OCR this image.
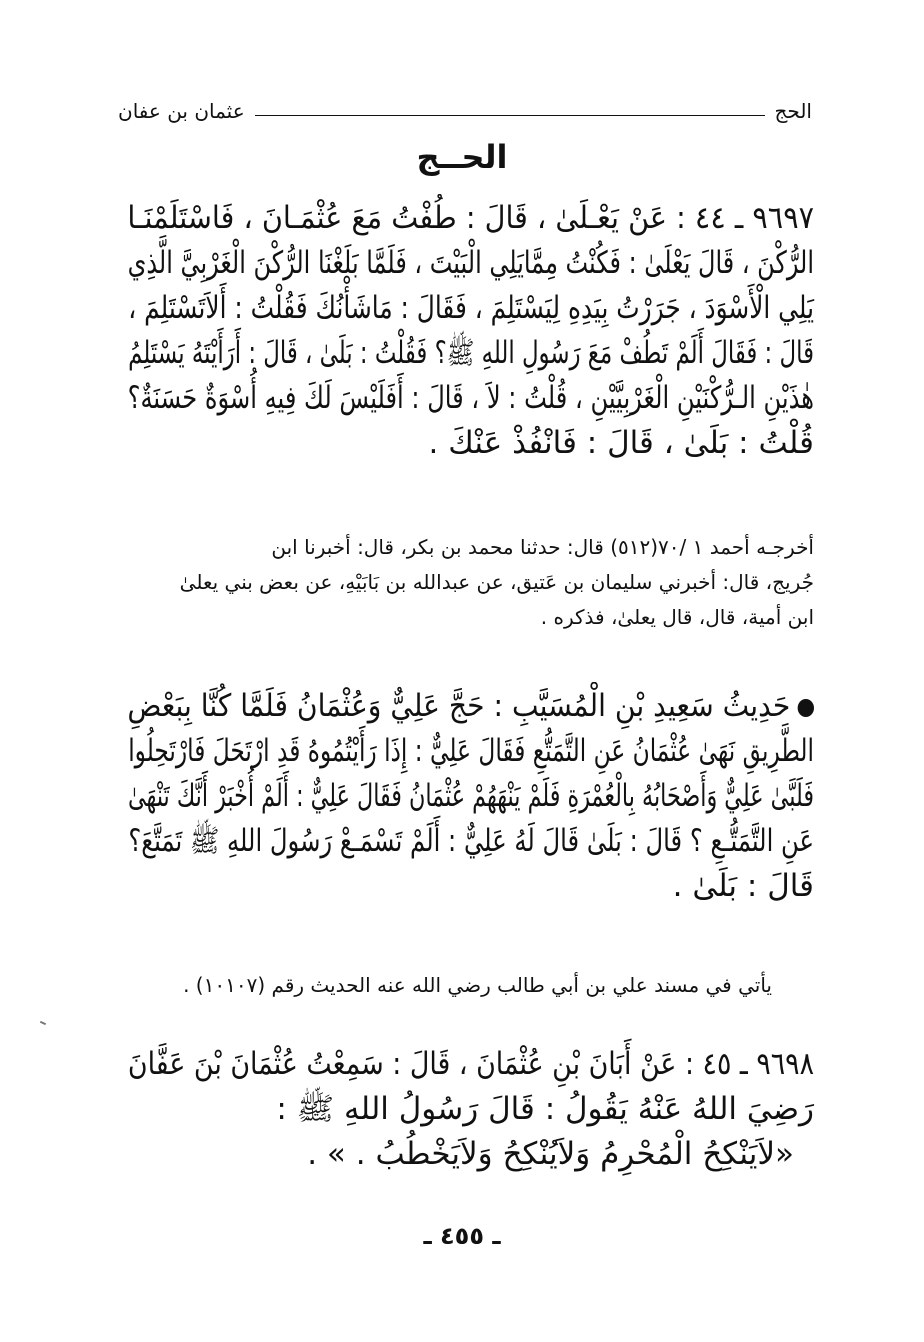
الحج
عثمان بن عفان
الحــج
٩٦٩٧ ـ ٤٤ : عَنْ يَعْـلَىٰ ، قَالَ : طُفْتُ مَعَ عُثْمَـانَ ، فَاسْتَلَمْنَـا
الرُّكْنَ ، قَالَ يَعْلَىٰ : فَكُنْتُ مِمَّايَلِي الْبَيْتَ ، فَلَمَّا بَلَغْنَا الرُّكْنَ الْغَرْبِيَّ الَّذِي
يَلِي الْأَسْوَدَ ، جَرَرْتُ بِيَدِهِ لِيَسْتَلِمَ ، فَقَالَ : مَاشَأْنُكَ فَقُلْتُ : أَلاَتَسْتَلِمَ ،
قَالَ : فَقَالَ أَلَمْ تَطُفْ مَعَ رَسُولِ اللهِ ﷺ؟ فَقُلْتُ : بَلَىٰ ، قَالَ : أَرَأَيْتَهُ يَسْتَلِمُ
هٰذَيْنِ الـرُّكْنَيْنِ الْغَرْبِيَّيْنِ ، قُلْتُ : لاَ ، قَالَ : أَفَلَيْسَ لَكَ فِيهِ أُسْوَةٌ حَسَنَةٌ؟
قُلْتُ : بَلَىٰ ، قَالَ : فَانْفُذْ عَنْكَ .
أخرجـه أحمد ١ /٧٠(٥١٢) قال: حدثنا محمد بن بكر، قال: أخبرنا ابن
جُريج، قال: أخبرني سليمان بن عَتيق، عن عبدالله بن بَابَيْهِ، عن بعض بني يعلىٰ
ابن أمية، قال، قال يعلىٰ، فذكره .
حَدِيثُ سَعِيدِ بْنِ الْمُسَيَّبِ : حَجَّ عَلِيٌّ وَعُثْمَانُ فَلَمَّا كُنَّا بِبَعْضِ
الطَّرِيقِ نَهَىٰ عُثْمَانُ عَنِ التَّمَتُّعِ فَقَالَ عَلِيٌّ : إِذَا رَأَيْتُمُوهُ قَدِ ارْتَحَلَ فَارْتَحِلُوا
فَلَبَّىٰ عَلِيٌّ وَأَصْحَابُهُ بِالْعُمْرَةِ فَلَمْ يَنْهَهُمْ عُثْمَانُ فَقَالَ عَلِيٌّ : أَلَمْ أُخْبَرْ أَنَّكَ تَنْهَىٰ
عَنِ التَّمَتُّـعِ ؟ قَالَ : بَلَىٰ قَالَ لَهُ عَلِيٌّ : أَلَمْ تَسْمَـعْ رَسُولَ اللهِ ﷺ تَمَتَّعَ؟
قَالَ : بَلَىٰ .
يأتي في مسند علي بن أبي طالب رضي الله عنه الحديث رقم (١٠١٠٧) .
٩٦٩٨ ـ ٤٥ : عَنْ أَبَانَ بْنِ عُثْمَانَ ، قَالَ : سَمِعْتُ عُثْمَانَ بْنَ عَفَّانَ
رَضِيَ اللهُ عَنْهُ يَقُولُ : قَالَ رَسُولُ اللهِ ﷺ :
«لاَيَنْكِحُ الْمُحْرِمُ وَلاَيُنْكِحُ وَلاَيَخْطُبُ . » .
ـ ٤٥٥ ـ
